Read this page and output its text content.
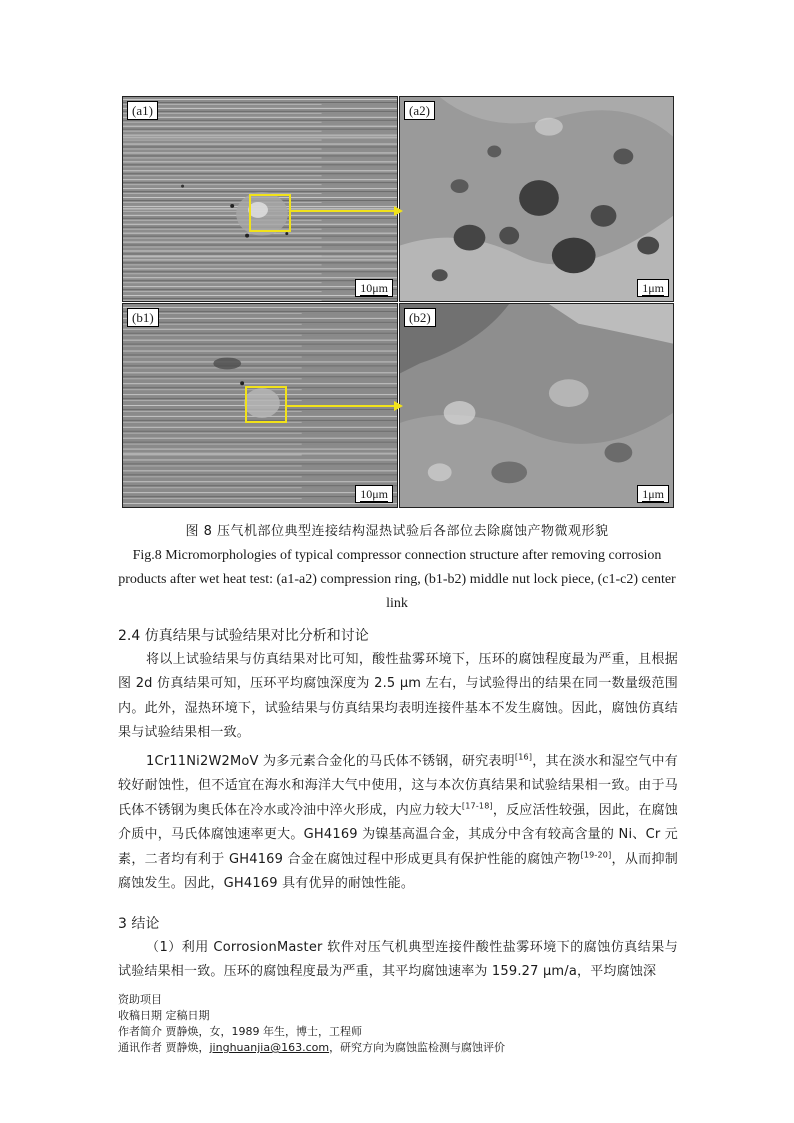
(a1)
10μm
(a2)
1μm
(b1)
10μm
(b2)
1μm
图 8 压气机部位典型连接结构湿热试验后各部位去除腐蚀产物微观形貌
Fig.8 Micromorphologies of typical compressor connection structure after removing corrosion products after wet heat test: (a1-a2) compression ring, (b1-b2) middle nut lock piece, (c1-c2) center link
2.4 仿真结果与试验结果对比分析和讨论
将以上试验结果与仿真结果对比可知，酸性盐雾环境下，压环的腐蚀程度最为严重，且根据图 2d 仿真结果可知，压环平均腐蚀深度为 2.5 μm 左右，与试验得出的结果在同一数量级范围内。此外，湿热环境下，试验结果与仿真结果均表明连接件基本不发生腐蚀。因此，腐蚀仿真结果与试验结果相一致。
1Cr11Ni2W2MoV 为多元素合金化的马氏体不锈钢，研究表明[16]，其在淡水和湿空气中有较好耐蚀性，但不适宜在海水和海洋大气中使用，这与本次仿真结果和试验结果相一致。由于马氏体不锈钢为奥氏体在冷水或冷油中淬火形成，内应力较大[17-18]，反应活性较强，因此，在腐蚀介质中，马氏体腐蚀速率更大。GH4169 为镍基高温合金，其成分中含有较高含量的 Ni、Cr 元素，二者均有利于 GH4169 合金在腐蚀过程中形成更具有保护性能的腐蚀产物[19-20]，从而抑制腐蚀发生。因此，GH4169 具有优异的耐蚀性能。
3 结论
（1）利用 CorrosionMaster 软件对压气机典型连接件酸性盐雾环境下的腐蚀仿真结果与试验结果相一致。压环的腐蚀程度最为严重，其平均腐蚀速率为 159.27 μm/a，平均腐蚀深
资助项目
收稿日期 定稿日期
作者简介 贾静焕，女，1989 年生，博士，工程师
通讯作者 贾静焕，jinghuanjia@163.com，研究方向为腐蚀监检测与腐蚀评价
